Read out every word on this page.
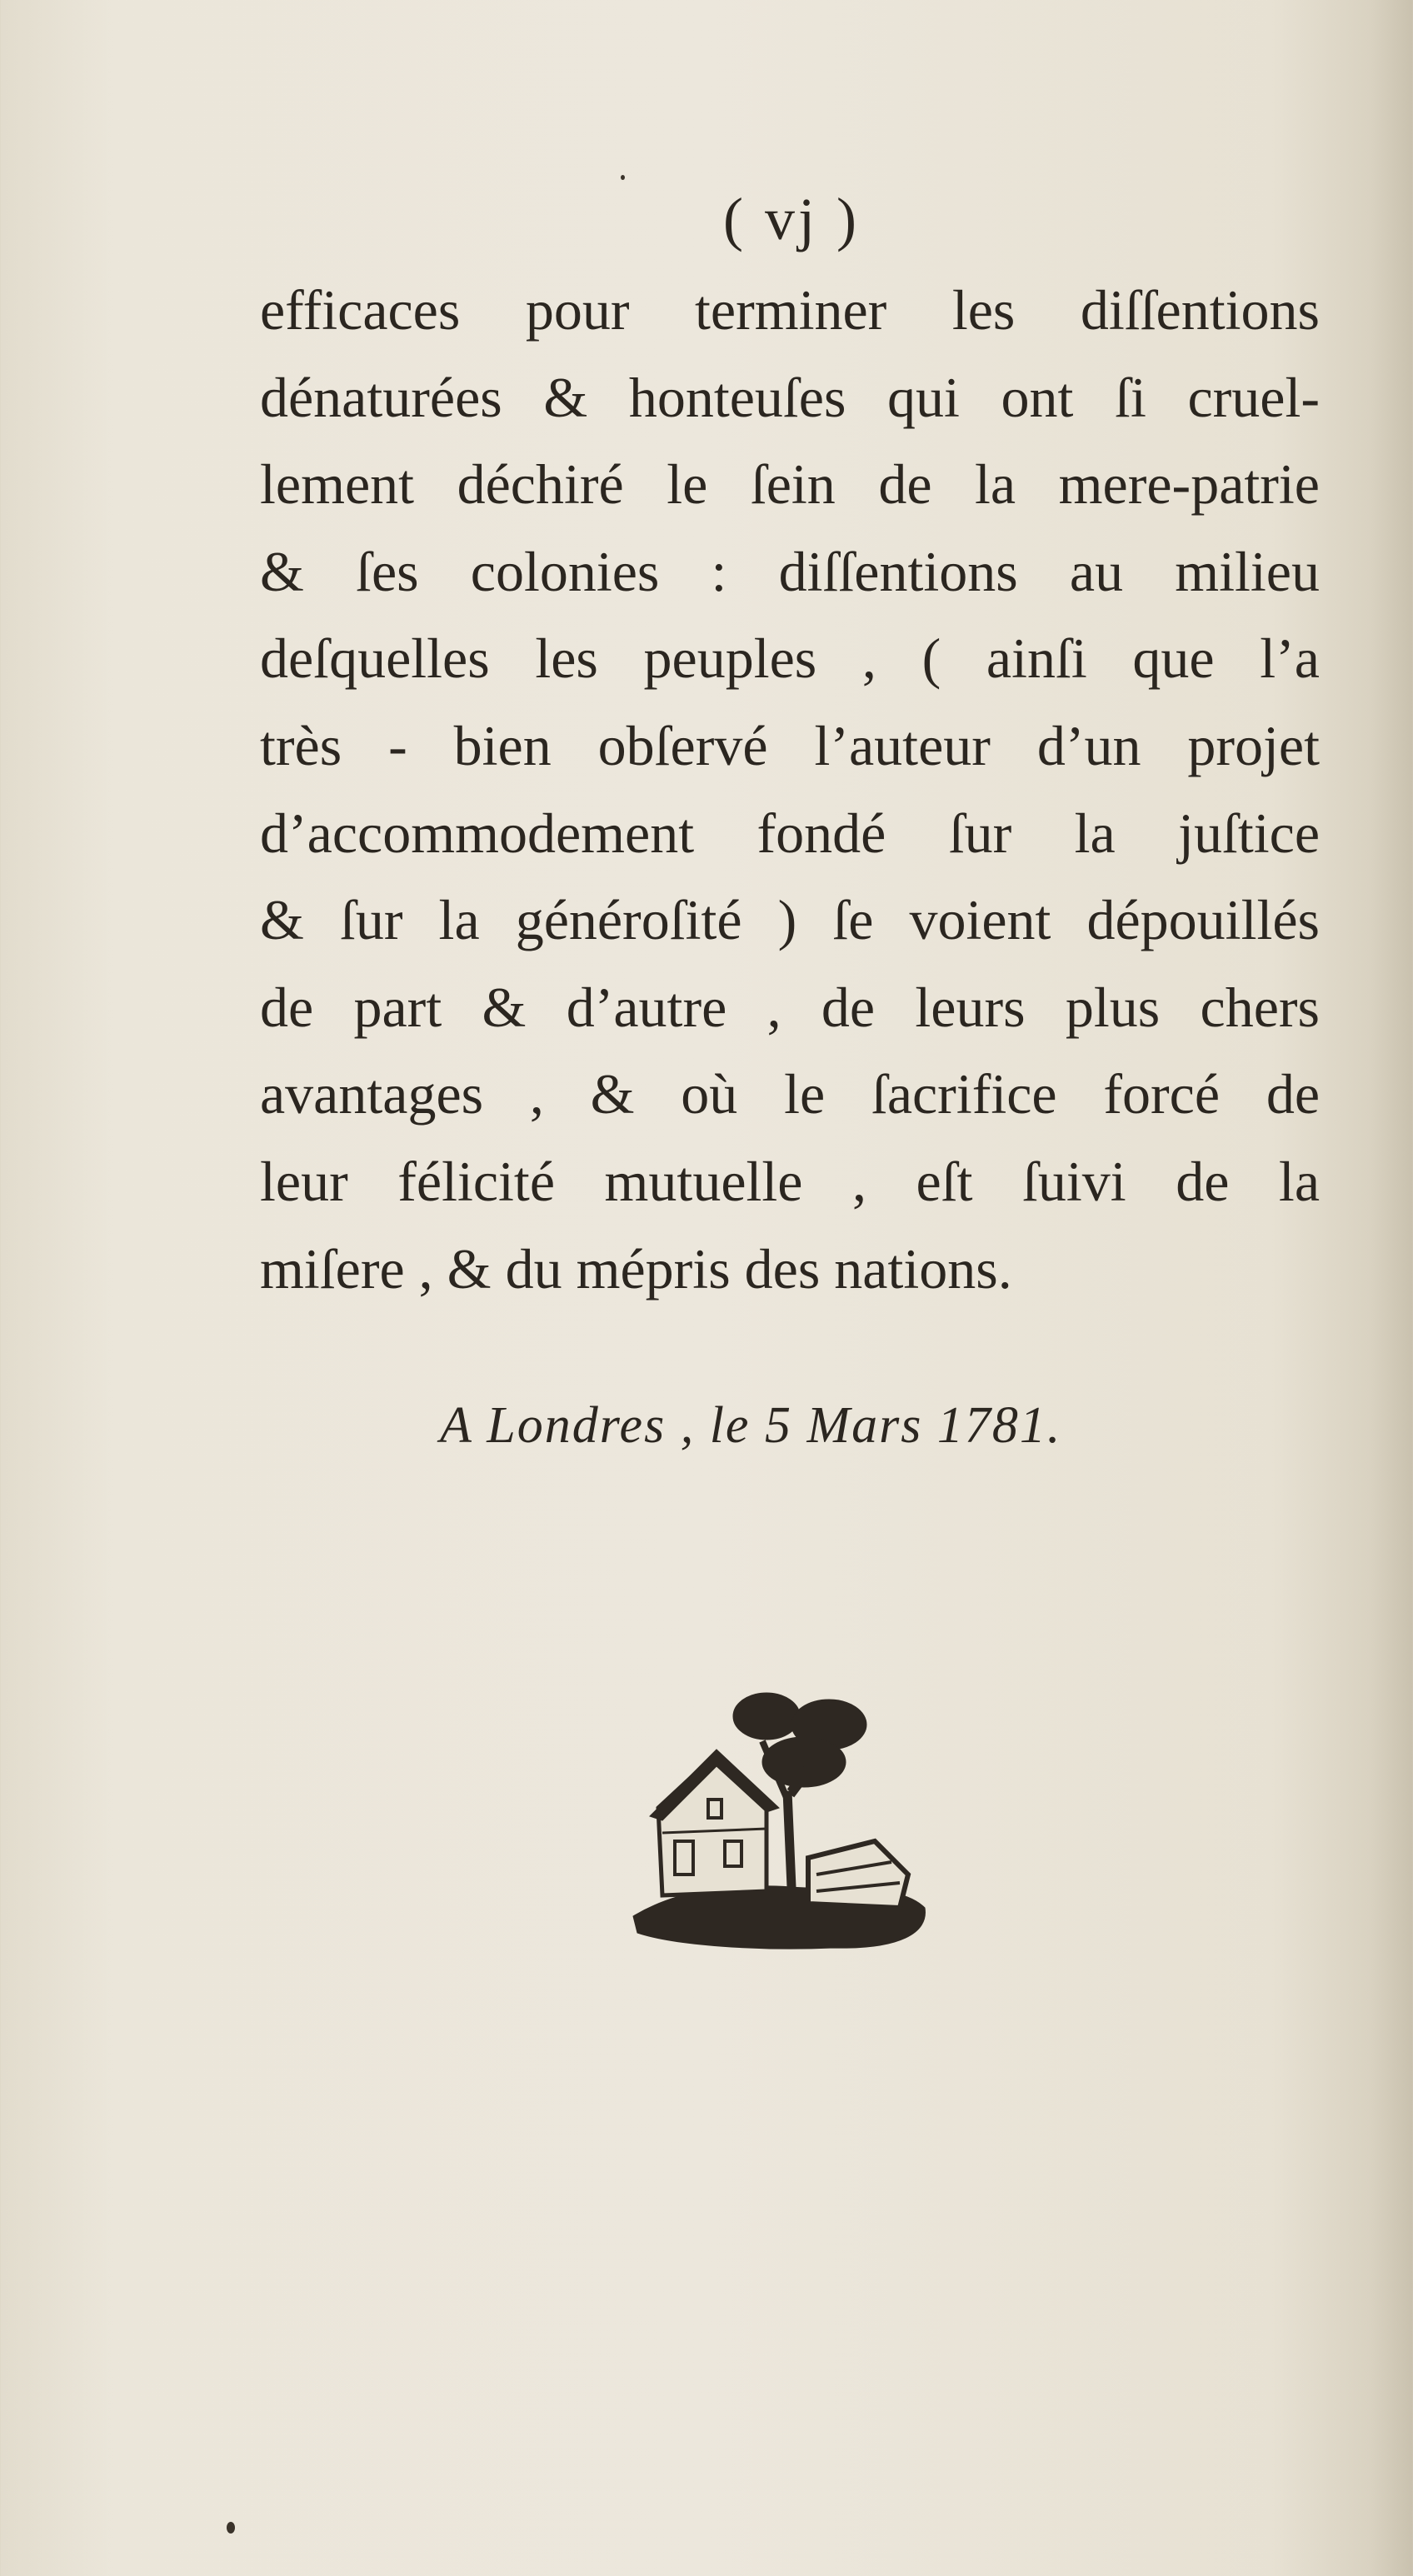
( vj )
efficaces pour terminer les diſſentions
dénaturées & honteuſes qui ont ſi cruel-
lement déchiré le ſein de la mere-patrie
& ſes colonies : diſſentions au milieu
deſquelles les peuples , ( ainſi que l’a
très - bien obſervé l’auteur d’un projet
d’accommodement fondé ſur la juſtice
& ſur la généroſité ) ſe voient dépouillés
de part & d’autre , de leurs plus chers
avantages , & où le ſacrifice forcé de
leur félicité mutuelle , eſt ſuivi de la
miſere , & du mépris des nations.
A Londres , le 5 Mars 1781.
